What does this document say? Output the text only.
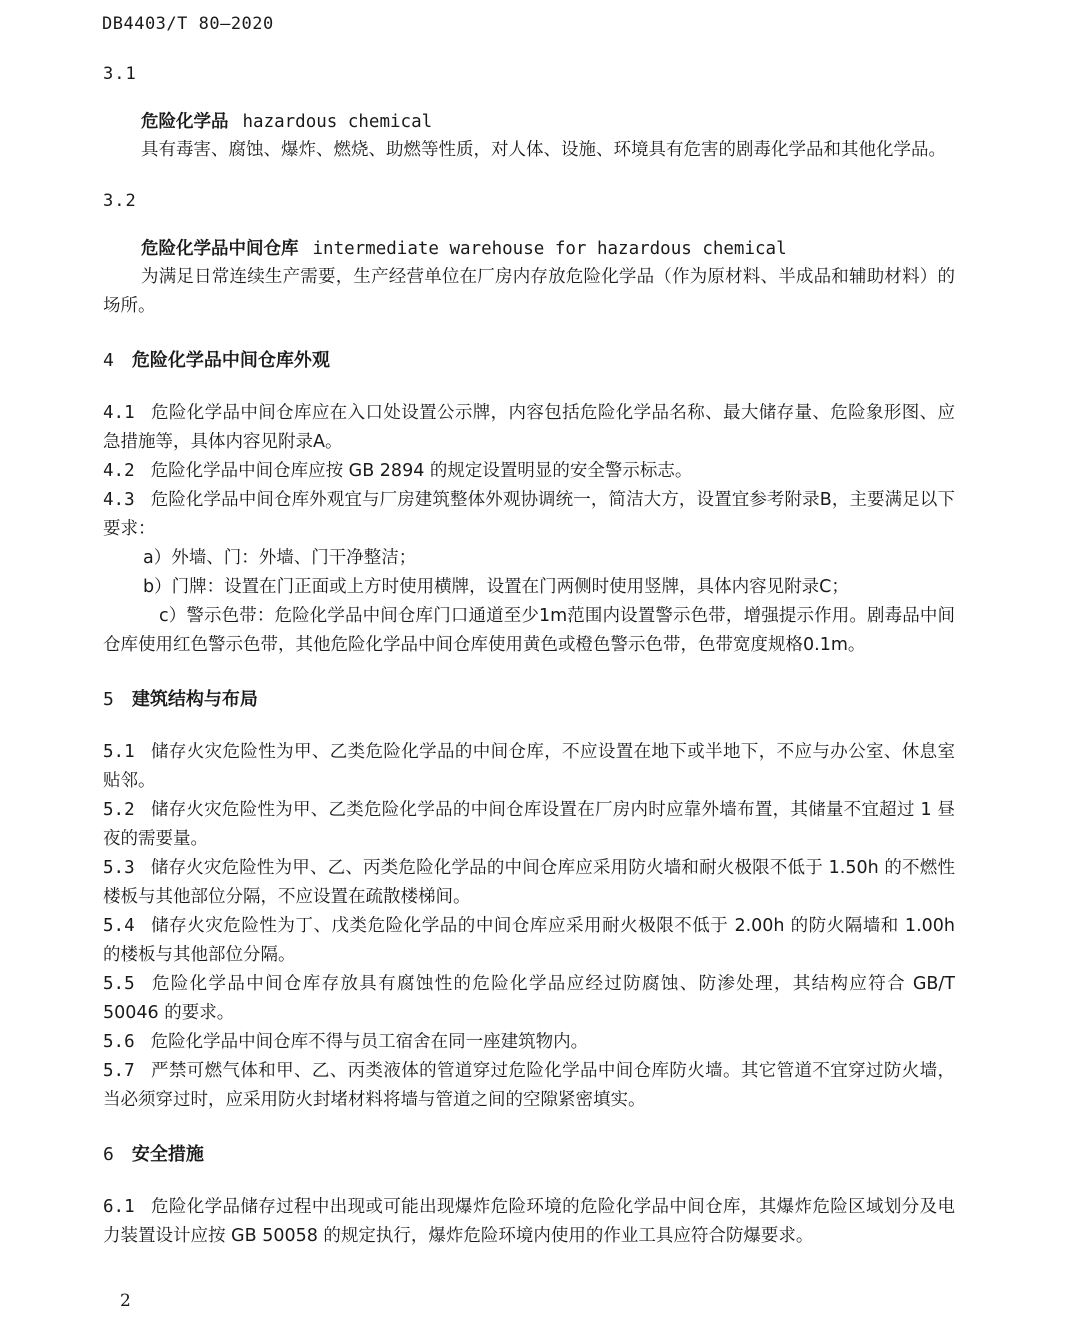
DB4403/T 80—2020
3.1
危险化学品 hazardous chemical

具有毒害、腐蚀、爆炸、燃烧、助燃等性质，对人体、设施、环境具有危害的剧毒化学品和其他化学品。

3.2
危险化学品中间仓库 intermediate warehouse for hazardous chemical

为满足日常连续生产需要，生产经营单位在厂房内存放危险化学品（作为原材料、半成品和辅助材料）的场所。

4 危险化学品中间仓库外观

4.1 危险化学品中间仓库应在入口处设置公示牌，内容包括危险化学品名称、最大储存量、危险象形图、应急措施等，具体内容见附录A。

4.2 危险化学品中间仓库应按 GB 2894 的规定设置明显的安全警示标志。

4.3 危险化学品中间仓库外观宜与厂房建筑整体外观协调统一，简洁大方，设置宜参考附录B，主要满足以下要求：

a）外墙、门：外墙、门干净整洁；

b）门牌：设置在门正面或上方时使用横牌，设置在门两侧时使用竖牌，具体内容见附录C；

c）警示色带：危险化学品中间仓库门口通道至少1m范围内设置警示色带，增强提示作用。剧毒品中间仓库使用红色警示色带，其他危险化学品中间仓库使用黄色或橙色警示色带，色带宽度规格0.1m。

5 建筑结构与布局

5.1 储存火灾危险性为甲、乙类危险化学品的中间仓库，不应设置在地下或半地下，不应与办公室、休息室贴邻。

5.2 储存火灾危险性为甲、乙类危险化学品的中间仓库设置在厂房内时应靠外墙布置，其储量不宜超过 1 昼夜的需要量。

5.3 储存火灾危险性为甲、乙、丙类危险化学品的中间仓库应采用防火墙和耐火极限不低于 1.50h 的不燃性楼板与其他部位分隔，不应设置在疏散楼梯间。

5.4 储存火灾危险性为丁、戊类危险化学品的中间仓库应采用耐火极限不低于 2.00h 的防火隔墙和 1.00h 的楼板与其他部位分隔。

5.5 危险化学品中间仓库存放具有腐蚀性的危险化学品应经过防腐蚀、防渗处理，其结构应符合 GB/T 50046 的要求。

5.6 危险化学品中间仓库不得与员工宿舍在同一座建筑物内。

5.7 严禁可燃气体和甲、乙、丙类液体的管道穿过危险化学品中间仓库防火墙。其它管道不宜穿过防火墙，当必须穿过时，应采用防火封堵材料将墙与管道之间的空隙紧密填实。

6 安全措施

6.1 危险化学品储存过程中出现或可能出现爆炸危险环境的危险化学品中间仓库，其爆炸危险区域划分及电力装置设计应按 GB 50058 的规定执行，爆炸危险环境内使用的作业工具应符合防爆要求。

2
